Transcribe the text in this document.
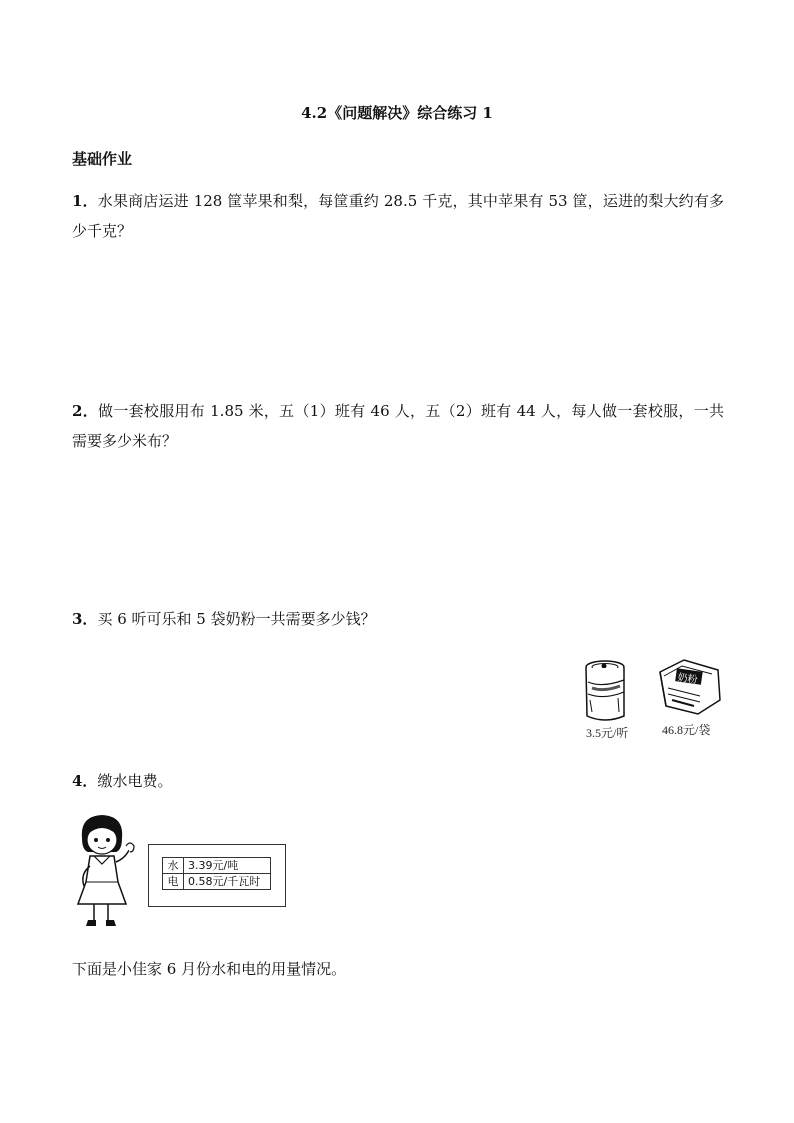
4.2《问题解决》综合练习 1
基础作业
1．水果商店运进 128 筐苹果和梨，每筐重约 28.5 千克，其中苹果有 53 筐，运进的梨大约有多少千克？
2．做一套校服用布 1.85 米，五（1）班有 46 人，五（2）班有 44 人，每人做一套校服，一共需要多少米布？
3．买 6 听可乐和 5 袋奶粉一共需要多少钱？
3.5元/听
奶粉
46.8元/袋
4．缴水电费。
水	3.39元/吨
电	0.58元/千瓦时
下面是小佳家 6 月份水和电的用量情况。
